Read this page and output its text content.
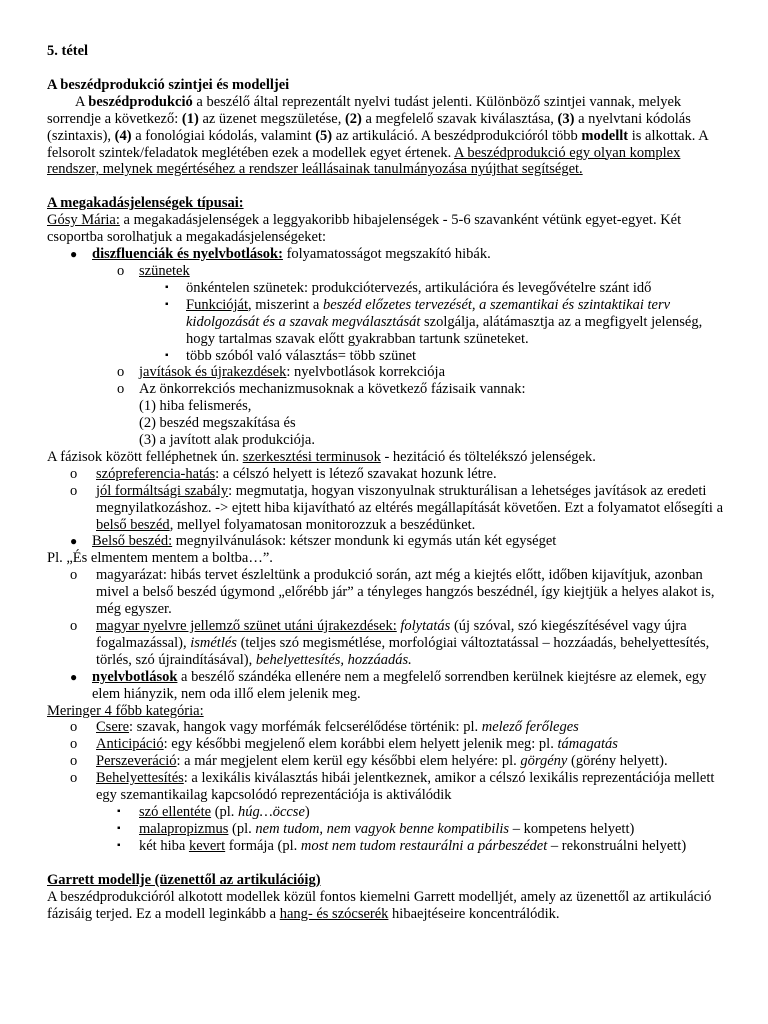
5. tétel

A beszédprodukció szintjei és modelljei

A beszédprodukció a beszélő által reprezentált nyelvi tudást jelenti. Különböző szintjei vannak, melyek sorrendje a következő: (1) az üzenet megszületése, (2) a megfelelő szavak kiválasztása, (3) a nyelvtani kódolás (szintaxis), (4) a fonológiai kódolás, valamint (5) az artikuláció. A beszédprodukcióról több modellt is alkottak. A felsorolt szintek/feladatok meglétében ezek a modellek egyet értenek. A beszédprodukció egy olyan komplex rendszer, melynek megértéséhez a rendszer leállásainak tanulmányozása nyújthat segítséget.

A megakadásjelenségek típusai:

Gósy Mária: a megakadásjelenségek a leggyakoribb hibajelenségek - 5-6 szavanként vétünk egyet-egyet. Két csoportba sorolhatjuk a megakadásjelenségeket:

● diszfluenciák és nyelvbotlások: folyamatosságot megszakító hibák.
o szünetek
▪ önkéntelen szünetek: produkciótervezés, artikulációra és levegővételre szánt idő
▪ Funkcióját, miszerint a beszéd előzetes tervezését, a szemantikai és szintaktikai terv kidolgozását és a szavak megválasztását szolgálja, alátámasztja az a megfigyelt jelenség, hogy tartalmas szavak előtt gyakrabban tartunk szüneteket.
▪ több szóból való választás= több szünet
o javítások és újrakezdések: nyelvbotlások korrekciója
o Az önkorrekciós mechanizmusoknak a következő fázisaik vannak:
(1) hiba felismerés,
(2) beszéd megszakítása és
(3) a javított alak produkciója.

A fázisok között felléphetnek ún. szerkesztési terminusok - hezitáció és töltelékszó jelenségek.

o szópreferencia-hatás: a célszó helyett is létező szavakat hozunk létre.
o jól formáltsági szabály: megmutatja, hogyan viszonyulnak strukturálisan a lehetséges javítások az eredeti megnyilatkozáshoz. -> ejtett hiba kijavítható az eltérés megállapítását követően. Ezt a folyamatot elősegíti a belső beszéd, mellyel folyamatosan monitorozzuk a beszédünket.
● Belső beszéd: megnyilvánulások: kétszer mondunk ki egymás után két egységet

Pl. „És elmentem mentem a boltba…”.

o magyarázat: hibás tervet észleltünk a produkció során, azt még a kiejtés előtt, időben kijavítjuk, azonban mivel a belső beszéd úgymond „előrébb jár” a tényleges hangzós beszédnél, így kiejtjük a helyes alakot is, még egyszer.
o magyar nyelvre jellemző szünet utáni újrakezdések: folytatás (új szóval, szó kiegészítésével vagy újra fogalmazással), ismétlés (teljes szó megismétlése, morfológiai változtatással – hozzáadás, behelyettesítés, törlés, szó újraindításával), behelyettesítés, hozzáadás.
● nyelvbotlások a beszélő szándéka ellenére nem a megfelelő sorrendben kerülnek kiejtésre az elemek, egy elem hiányzik, nem oda illő elem jelenik meg.

Meringer 4 főbb kategória:

o Csere: szavak, hangok vagy morfémák felcserélődése történik: pl. melező ferőleges
o Anticipáció: egy későbbi megjelenő elem korábbi elem helyett jelenik meg: pl. támagatás
o Perszeveráció: a már megjelent elem kerül egy későbbi elem helyére: pl. görgény (görény helyett).
o Behelyettesítés: a lexikális kiválasztás hibái jelentkeznek, amikor a célszó lexikális reprezentációja mellett egy szemantikailag kapcsolódó reprezentációja is aktiválódik
▪ szó ellentéte (pl. húg…öccse)
▪ malapropizmus (pl. nem tudom, nem vagyok benne kompatibilis – kompetens helyett)
▪ két hiba kevert formája (pl. most nem tudom restaurálni a párbeszédet – rekonstruálni helyett)

Garrett modellje (üzenettől az artikulációig)

A beszédprodukcióról alkotott modellek közül fontos kiemelni Garrett modelljét, amely az üzenettől az artikuláció fázisáig terjed. Ez a modell leginkább a hang- és szócserék hibaejtéseire koncentrálódik.
